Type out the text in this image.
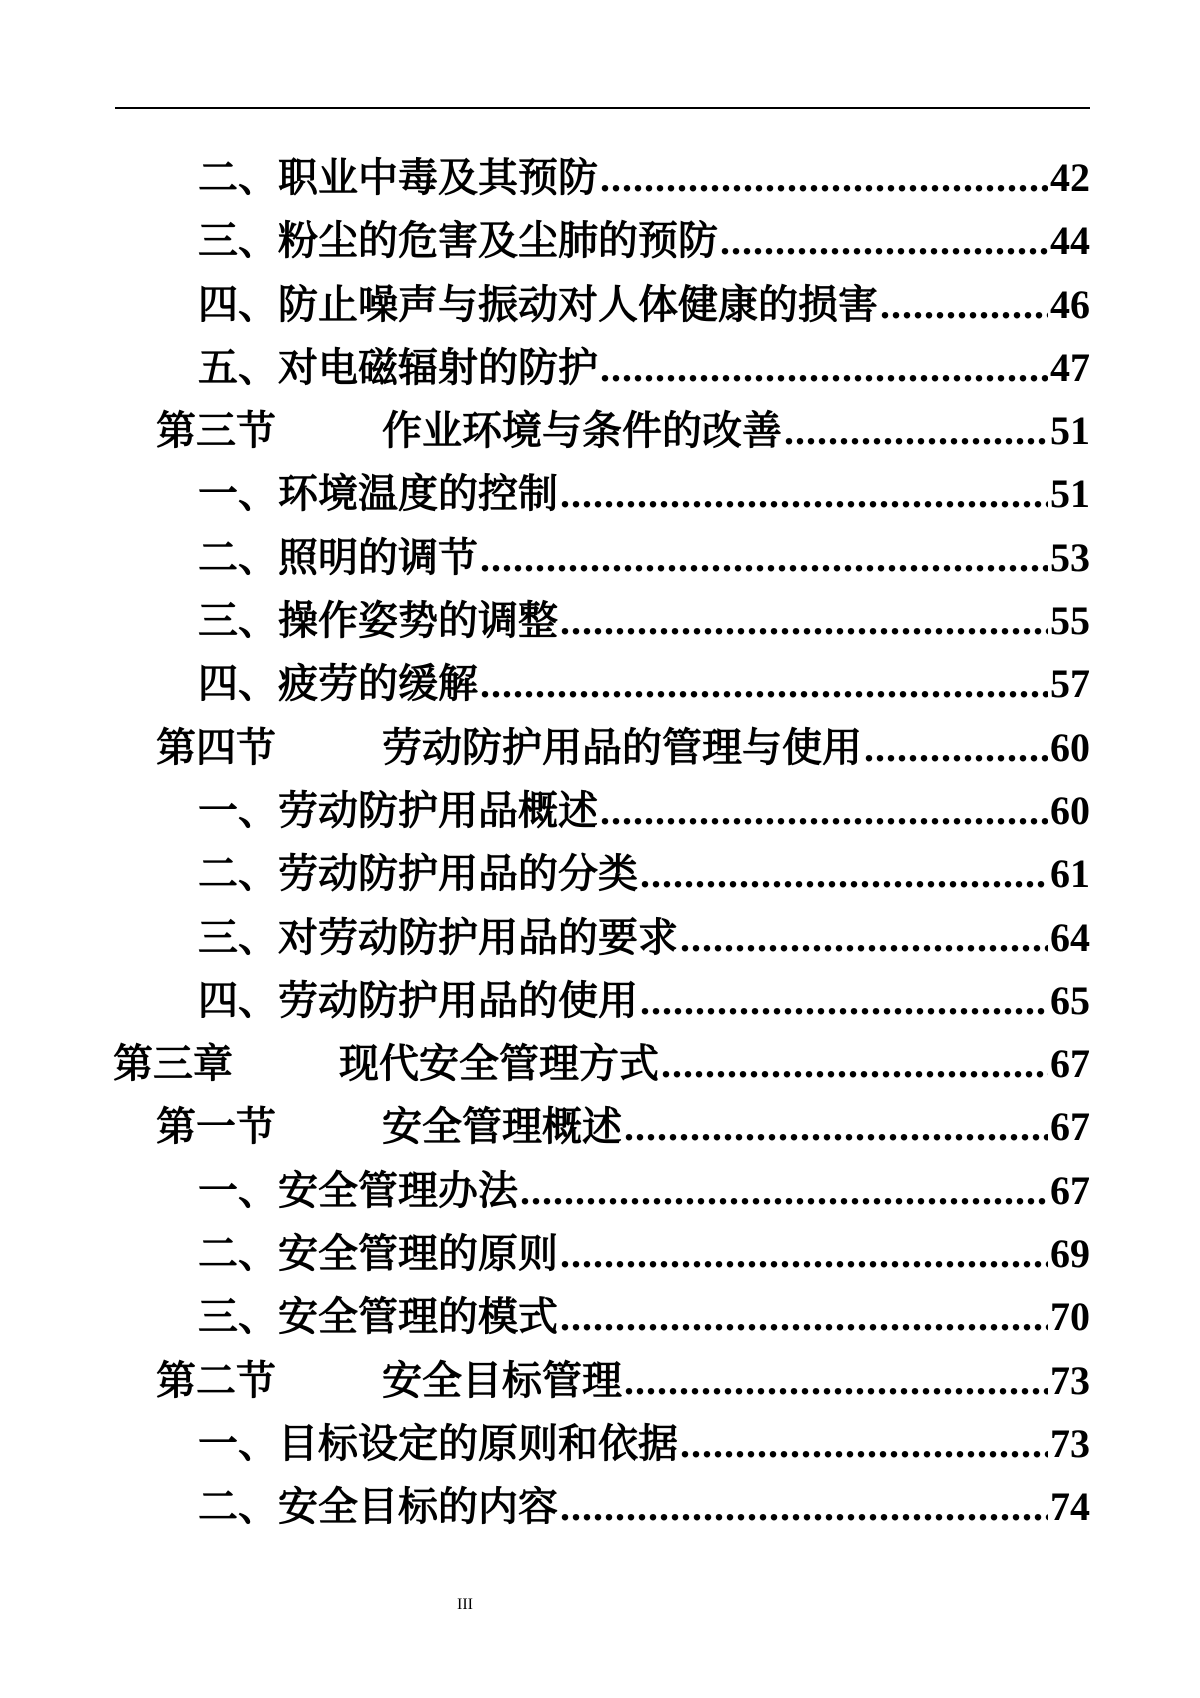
二、 职业中毒及其预防 .....	42
三、 粉尘的危害及尘肺的预防 .....	44
四、 防止噪声与振动对人体健康的损害 .....	46
五、 对电磁辐射的防护 .....	47
第三节	作业环境与条件的改善 .....	51
一、 环境温度的控制 .....	51
二、 照明的调节 .....	53
三、 操作姿势的调整 .....	55
四、 疲劳的缓解 .....	57
第四节	劳动防护用品的管理与使用 .....	60
一、 劳动防护用品概述 .....	60
二、 劳动防护用品的分类 .....	61
三、 对劳动防护用品的要求 .....	64
四、 劳动防护用品的使用 .....	65
第三章	现代安全管理方式 .....	67
第一节	安全管理概述 .....	67
一、 安全管理办法 .....	67
二、 安全管理的原则 .....	69
三、 安全管理的模式 .....	70
第二节	安全目标管理 .....	73
一、 目标设定的原则和依据 .....	73
二、 安全目标的内容 .....	74
III
